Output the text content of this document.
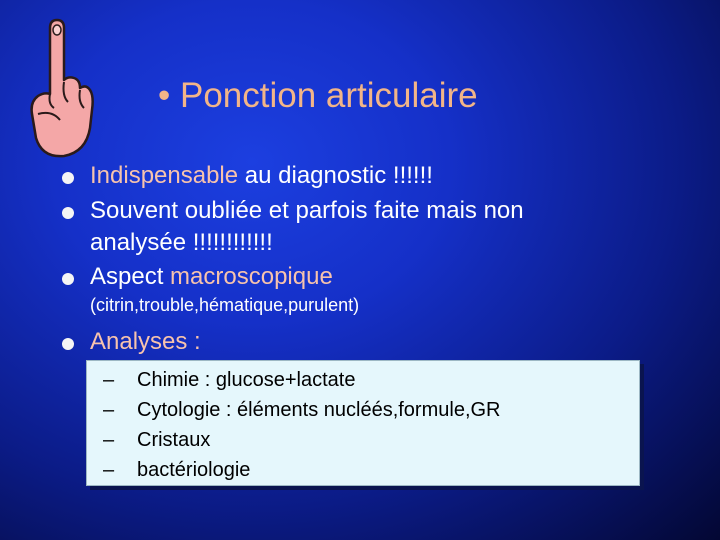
• Ponction articulaire
Indispensable au diagnostic !!!!!!
Souvent oubliée et parfois faite mais non
analysée !!!!!!!!!!!!
Aspect macroscopique
(citrin,trouble,hématique,purulent)
Analyses :
– Chimie : glucose+lactate
– Cytologie : éléments nucléés,formule,GR
– Cristaux
– bactériologie
